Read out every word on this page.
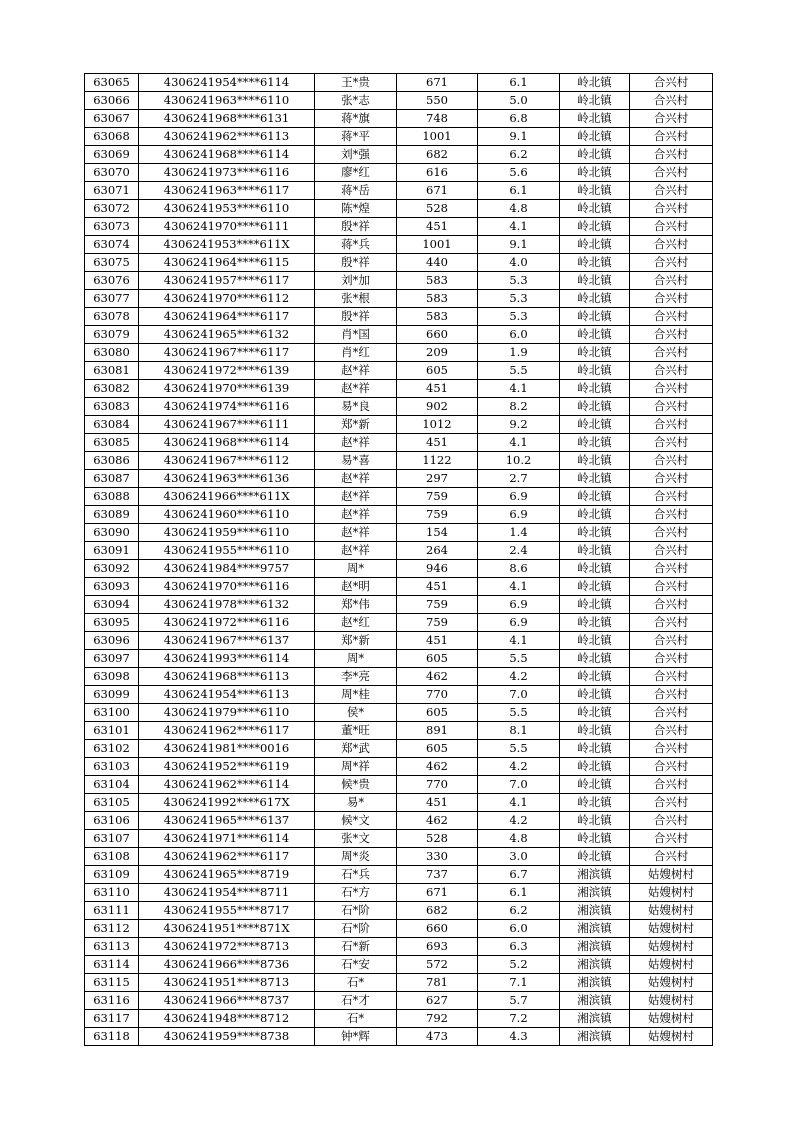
63065	4306241954****6114	王*贵	671	6.1	岭北镇	合兴村
63066	4306241963****6110	张*志	550	5.0	岭北镇	合兴村
63067	4306241968****6131	蒋*旗	748	6.8	岭北镇	合兴村
63068	4306241962****6113	蒋*平	1001	9.1	岭北镇	合兴村
63069	4306241968****6114	刘*强	682	6.2	岭北镇	合兴村
63070	4306241973****6116	廖*红	616	5.6	岭北镇	合兴村
63071	4306241963****6117	蒋*岳	671	6.1	岭北镇	合兴村
63072	4306241953****6110	陈*煌	528	4.8	岭北镇	合兴村
63073	4306241970****6111	殷*祥	451	4.1	岭北镇	合兴村
63074	4306241953****611X	蒋*兵	1001	9.1	岭北镇	合兴村
63075	4306241964****6115	殷*祥	440	4.0	岭北镇	合兴村
63076	4306241957****6117	刘*加	583	5.3	岭北镇	合兴村
63077	4306241970****6112	张*根	583	5.3	岭北镇	合兴村
63078	4306241964****6117	殷*祥	583	5.3	岭北镇	合兴村
63079	4306241965****6132	肖*国	660	6.0	岭北镇	合兴村
63080	4306241967****6117	肖*红	209	1.9	岭北镇	合兴村
63081	4306241972****6139	赵*祥	605	5.5	岭北镇	合兴村
63082	4306241970****6139	赵*祥	451	4.1	岭北镇	合兴村
63083	4306241974****6116	易*良	902	8.2	岭北镇	合兴村
63084	4306241967****6111	郑*新	1012	9.2	岭北镇	合兴村
63085	4306241968****6114	赵*祥	451	4.1	岭北镇	合兴村
63086	4306241967****6112	易*喜	1122	10.2	岭北镇	合兴村
63087	4306241963****6136	赵*祥	297	2.7	岭北镇	合兴村
63088	4306241966****611X	赵*祥	759	6.9	岭北镇	合兴村
63089	4306241960****6110	赵*祥	759	6.9	岭北镇	合兴村
63090	4306241959****6110	赵*祥	154	1.4	岭北镇	合兴村
63091	4306241955****6110	赵*祥	264	2.4	岭北镇	合兴村
63092	4306241984****9757	周*	946	8.6	岭北镇	合兴村
63093	4306241970****6116	赵*明	451	4.1	岭北镇	合兴村
63094	4306241978****6132	郑*伟	759	6.9	岭北镇	合兴村
63095	4306241972****6116	赵*红	759	6.9	岭北镇	合兴村
63096	4306241967****6137	郑*新	451	4.1	岭北镇	合兴村
63097	4306241993****6114	周*	605	5.5	岭北镇	合兴村
63098	4306241968****6113	李*亮	462	4.2	岭北镇	合兴村
63099	4306241954****6113	周*桂	770	7.0	岭北镇	合兴村
63100	4306241979****6110	侯*	605	5.5	岭北镇	合兴村
63101	4306241962****6117	董*旺	891	8.1	岭北镇	合兴村
63102	4306241981****0016	郑*武	605	5.5	岭北镇	合兴村
63103	4306241952****6119	周*祥	462	4.2	岭北镇	合兴村
63104	4306241962****6114	候*贵	770	7.0	岭北镇	合兴村
63105	4306241992****617X	易*	451	4.1	岭北镇	合兴村
63106	4306241965****6137	候*文	462	4.2	岭北镇	合兴村
63107	4306241971****6114	张*文	528	4.8	岭北镇	合兴村
63108	4306241962****6117	周*炎	330	3.0	岭北镇	合兴村
63109	4306241965****8719	石*兵	737	6.7	湘滨镇	姑嫂树村
63110	4306241954****8711	石*方	671	6.1	湘滨镇	姑嫂树村
63111	4306241955****8717	石*阶	682	6.2	湘滨镇	姑嫂树村
63112	4306241951****871X	石*阶	660	6.0	湘滨镇	姑嫂树村
63113	4306241972****8713	石*新	693	6.3	湘滨镇	姑嫂树村
63114	4306241966****8736	石*安	572	5.2	湘滨镇	姑嫂树村
63115	4306241951****8713	石*	781	7.1	湘滨镇	姑嫂树村
63116	4306241966****8737	石*才	627	5.7	湘滨镇	姑嫂树村
63117	4306241948****8712	石*	792	7.2	湘滨镇	姑嫂树村
63118	4306241959****8738	钟*辉	473	4.3	湘滨镇	姑嫂树村
